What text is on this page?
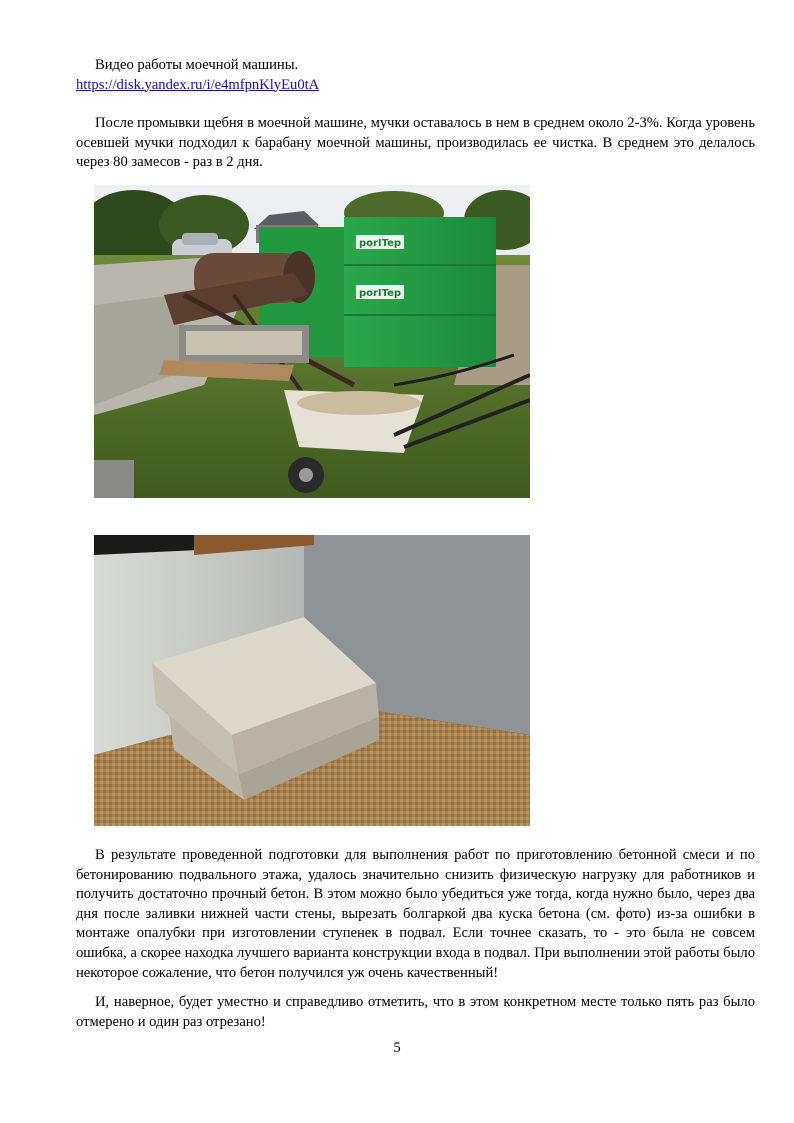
Видео работы моечной машины.
https://disk.yandex.ru/i/e4mfpnKlyEu0tA

После промывки щебня в моечной машине, мучки оставалось в нем в среднем около 2-3%. Когда уровень осевшей мучки подходил к барабану моечной машины, производилась ее чистка. В среднем это делалось через 80 замесов - раз в 2 дня.

porITep
porITep

В результате проведенной подготовки для выполнения работ по приготовлению бетонной смеси и по бетонированию подвального этажа, удалось значительно снизить физическую нагрузку для работников и получить достаточно прочный бетон. В этом можно было убедиться уже тогда, когда нужно было, через два дня после заливки нижней части стены, вырезать болгаркой два куска бетона (см. фото) из-за ошибки в монтаже опалубки при изготовлении ступенек в подвал. Если точнее сказать, то - это была не совсем ошибка, а скорее находка лучшего варианта конструкции входа в подвал. При выполнении этой работы было некоторое сожаление, что бетон получился уж очень качественный!

И, наверное, будет уместно и справедливо отметить, что в этом конкретном месте только пять раз было отмерено и один раз отрезано!

5
